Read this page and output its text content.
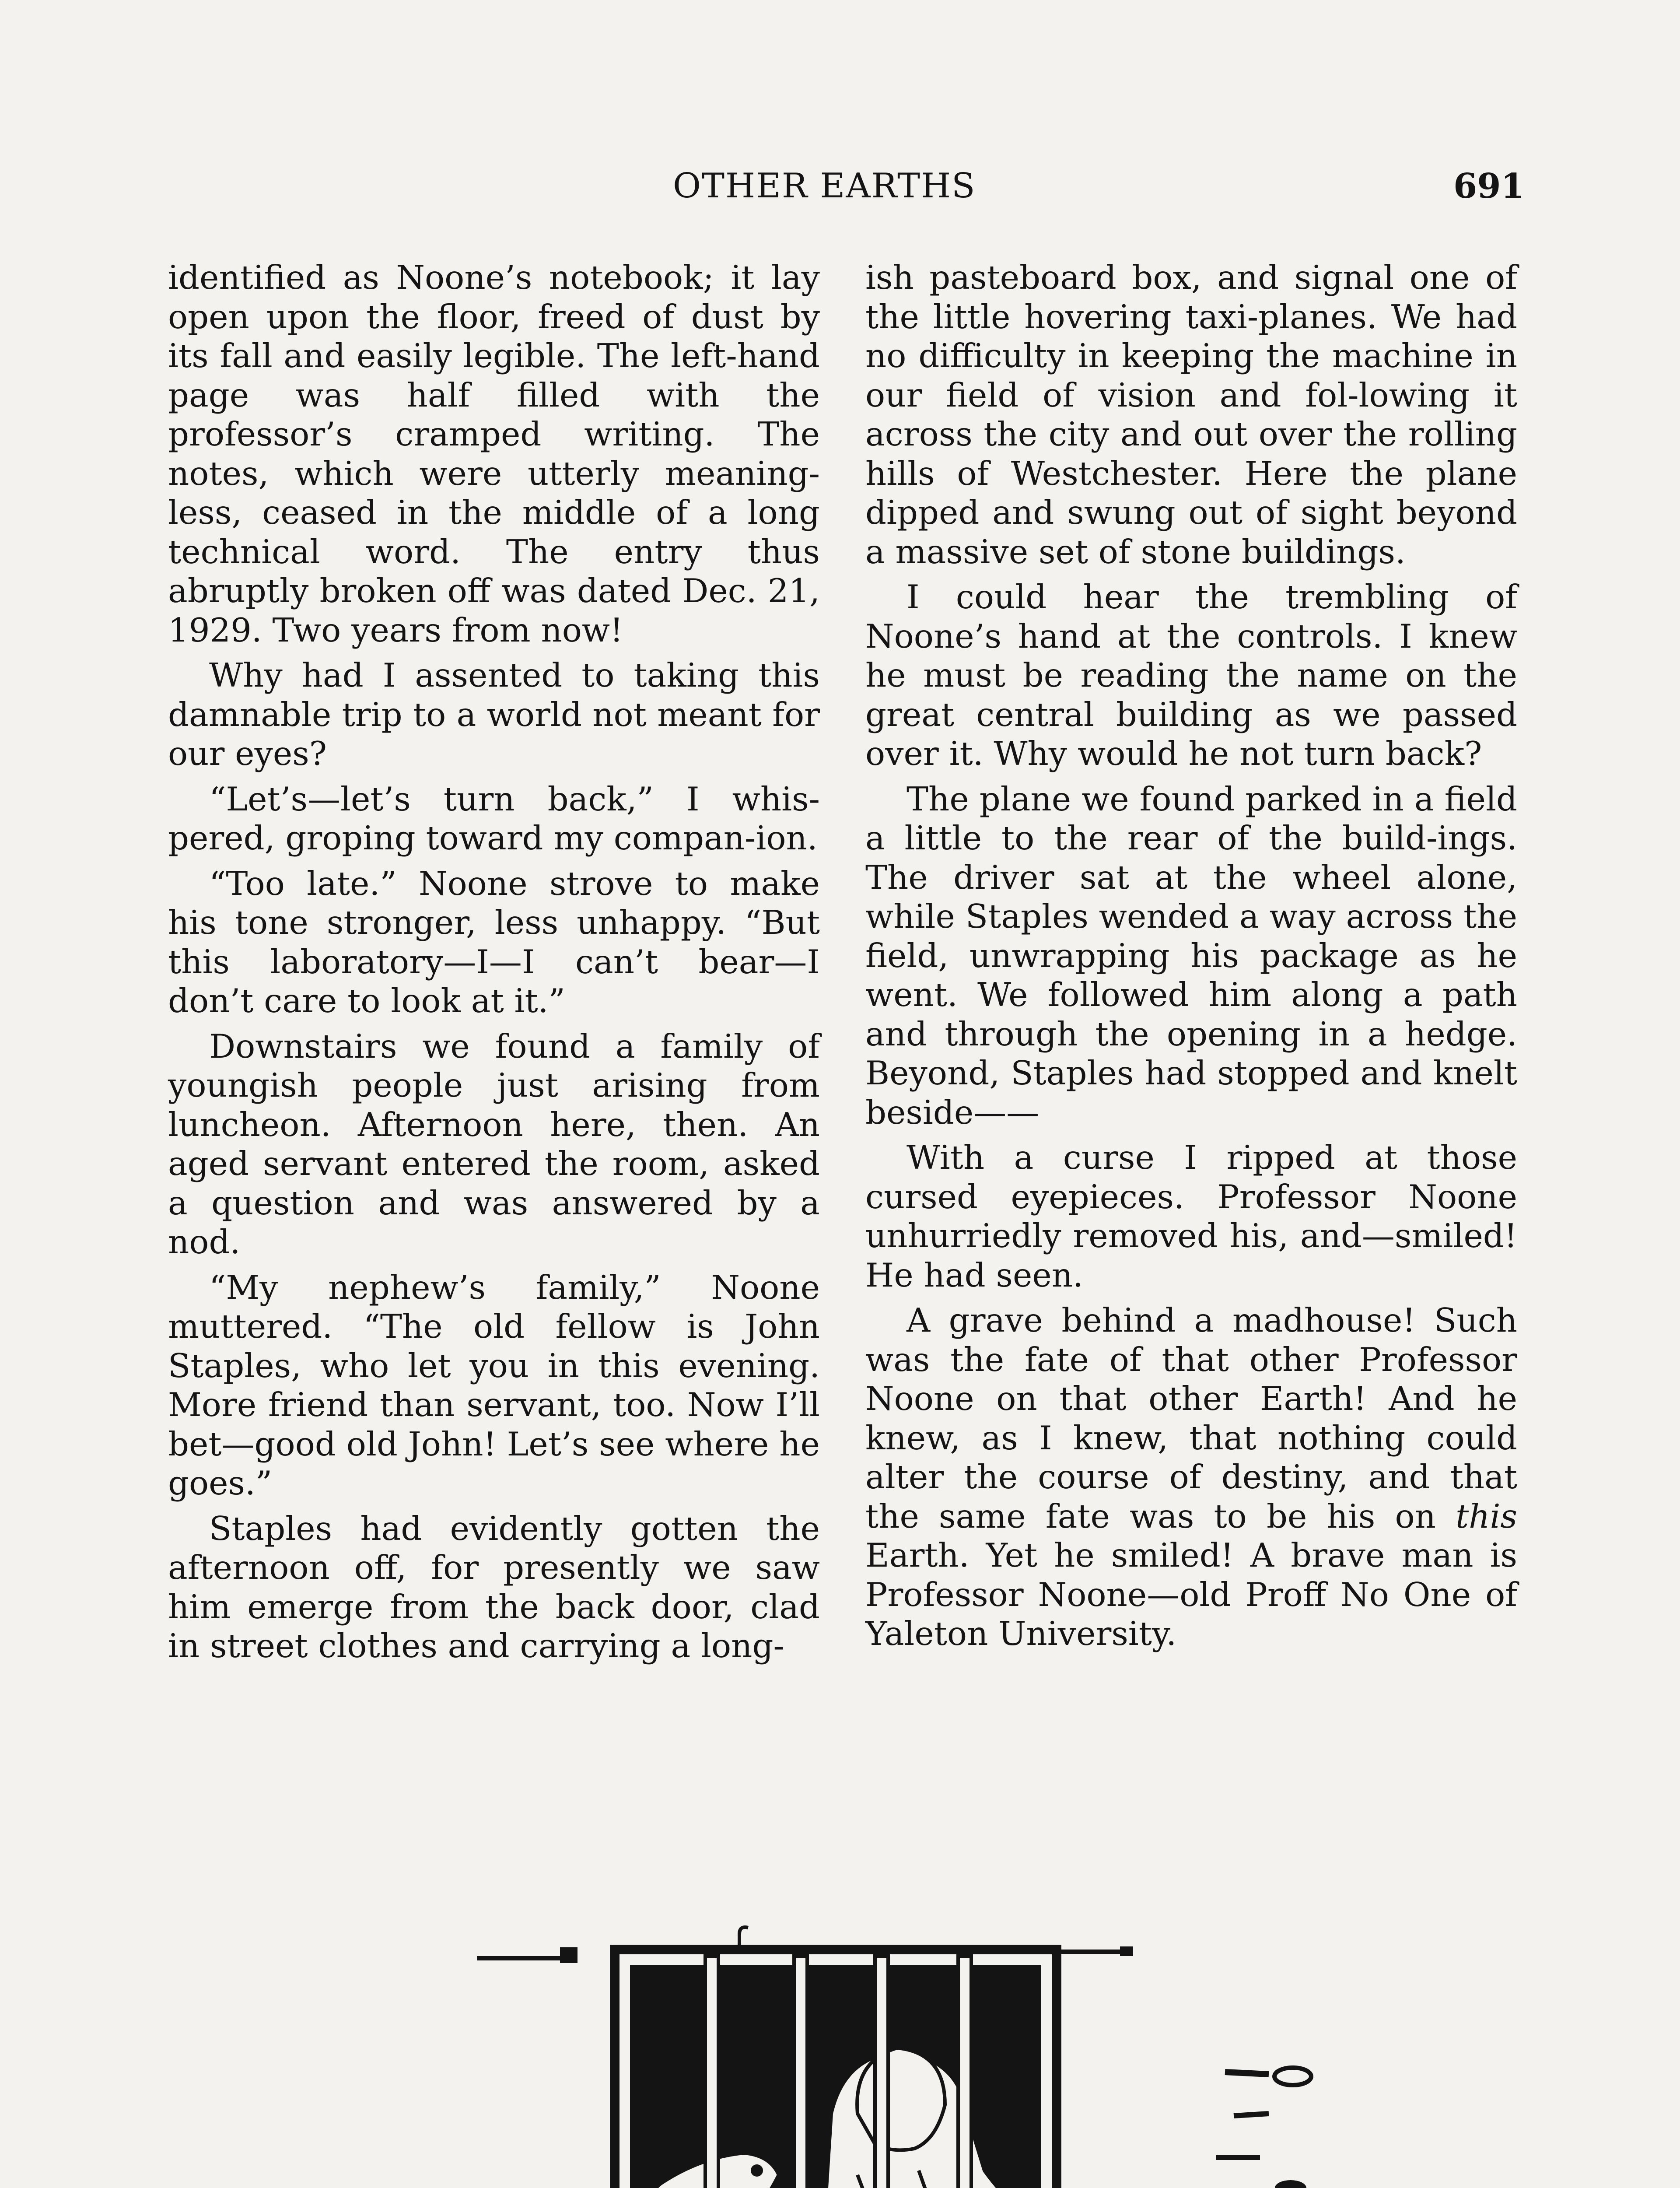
OTHER EARTHS	691

identified as Noone’s notebook; it lay open upon the floor, freed of dust by its fall and easily legible. The left-hand page was half filled with the professor’s cramped writing. The notes, which were utterly meaning-less, ceased in the middle of a long technical word. The entry thus abruptly broken off was dated Dec. 21, 1929. Two years from now!

Why had I assented to taking this damnable trip to a world not meant for our eyes?

“Let’s—let’s turn back,” I whis-pered, groping toward my compan-ion.

“Too late.” Noone strove to make his tone stronger, less unhappy. “But this laboratory—I—I can’t bear—I don’t care to look at it.”

Downstairs we found a family of youngish people just arising from luncheon. Afternoon here, then. An aged servant entered the room, asked a question and was answered by a nod.

“My nephew’s family,” Noone muttered. “The old fellow is John Staples, who let you in this evening. More friend than servant, too. Now I’ll bet—good old John! Let’s see where he goes.”

Staples had evidently gotten the afternoon off, for presently we saw him emerge from the back door, clad in street clothes and carrying a long-

ish pasteboard box, and signal one of the little hovering taxi-planes. We had no difficulty in keeping the machine in our field of vision and fol-lowing it across the city and out over the rolling hills of Westchester. Here the plane dipped and swung out of sight beyond a massive set of stone buildings.

I could hear the trembling of Noone’s hand at the controls. I knew he must be reading the name on the great central building as we passed over it. Why would he not turn back?

The plane we found parked in a field a little to the rear of the build-ings. The driver sat at the wheel alone, while Staples wended a way across the field, unwrapping his package as he went. We followed him along a path and through the opening in a hedge. Beyond, Staples had stopped and knelt beside——

With a curse I ripped at those cursed eyepieces. Professor Noone unhurriedly removed his, and—smiled! He had seen.

A grave behind a madhouse! Such was the fate of that other Professor Noone on that other Earth! And he knew, as I knew, that nothing could alter the course of destiny, and that the same fate was to be his on this Earth. Yet he smiled! A brave man is Professor Noone—old Proff No One of Yaleton University.
